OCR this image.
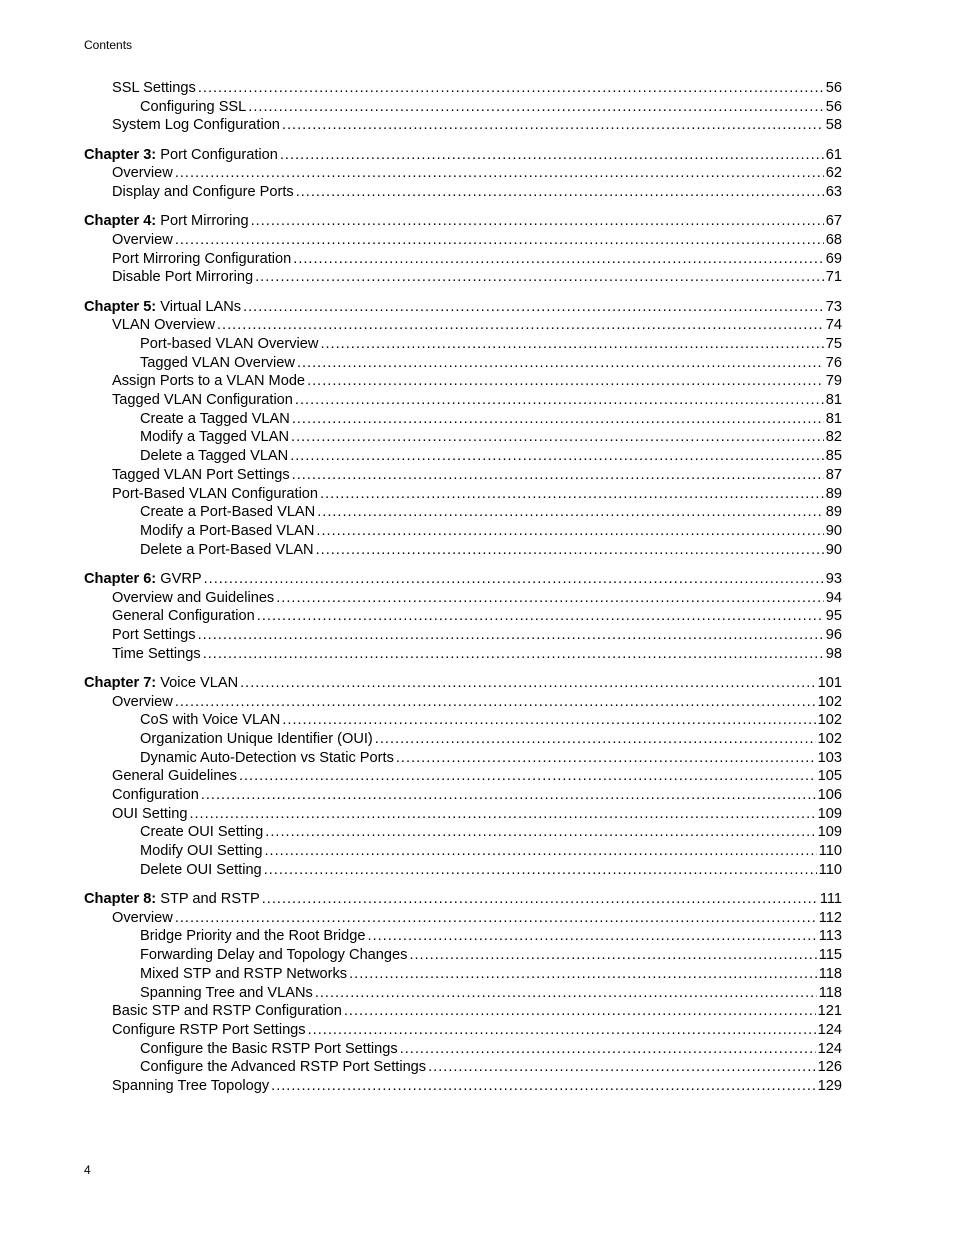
Contents
SSL Settings .....	56
Configuring SSL .....	56
System Log Configuration .....	58
Chapter 3: Port Configuration .....	61
Overview .....	62
Display and Configure Ports .....	63
Chapter 4: Port Mirroring .....	67
Overview .....	68
Port Mirroring Configuration .....	69
Disable Port Mirroring .....	71
Chapter 5: Virtual LANs .....	73
VLAN Overview .....	74
Port-based VLAN Overview .....	75
Tagged VLAN Overview .....	76
Assign Ports to a VLAN Mode .....	79
Tagged VLAN Configuration .....	81
Create a Tagged VLAN .....	81
Modify a Tagged VLAN .....	82
Delete a Tagged VLAN .....	85
Tagged VLAN Port Settings .....	87
Port-Based VLAN Configuration .....	89
Create a Port-Based VLAN .....	89
Modify a Port-Based VLAN .....	90
Delete a Port-Based VLAN .....	90
Chapter 6: GVRP .....	93
Overview and Guidelines .....	94
General Configuration .....	95
Port Settings .....	96
Time Settings .....	98
Chapter 7: Voice VLAN .....	101
Overview .....	102
CoS with Voice VLAN .....	102
Organization Unique Identifier (OUI) .....	102
Dynamic Auto-Detection vs Static Ports .....	103
General Guidelines .....	105
Configuration .....	106
OUI Setting .....	109
Create OUI Setting .....	109
Modify OUI Setting .....	110
Delete OUI Setting .....	110
Chapter 8: STP and RSTP .....	111
Overview .....	112
Bridge Priority and the Root Bridge .....	113
Forwarding Delay and Topology Changes .....	115
Mixed STP and RSTP Networks .....	118
Spanning Tree and VLANs .....	118
Basic STP and RSTP Configuration .....	121
Configure RSTP Port Settings .....	124
Configure the Basic RSTP Port Settings .....	124
Configure the Advanced RSTP Port Settings .....	126
Spanning Tree Topology .....	129
4
